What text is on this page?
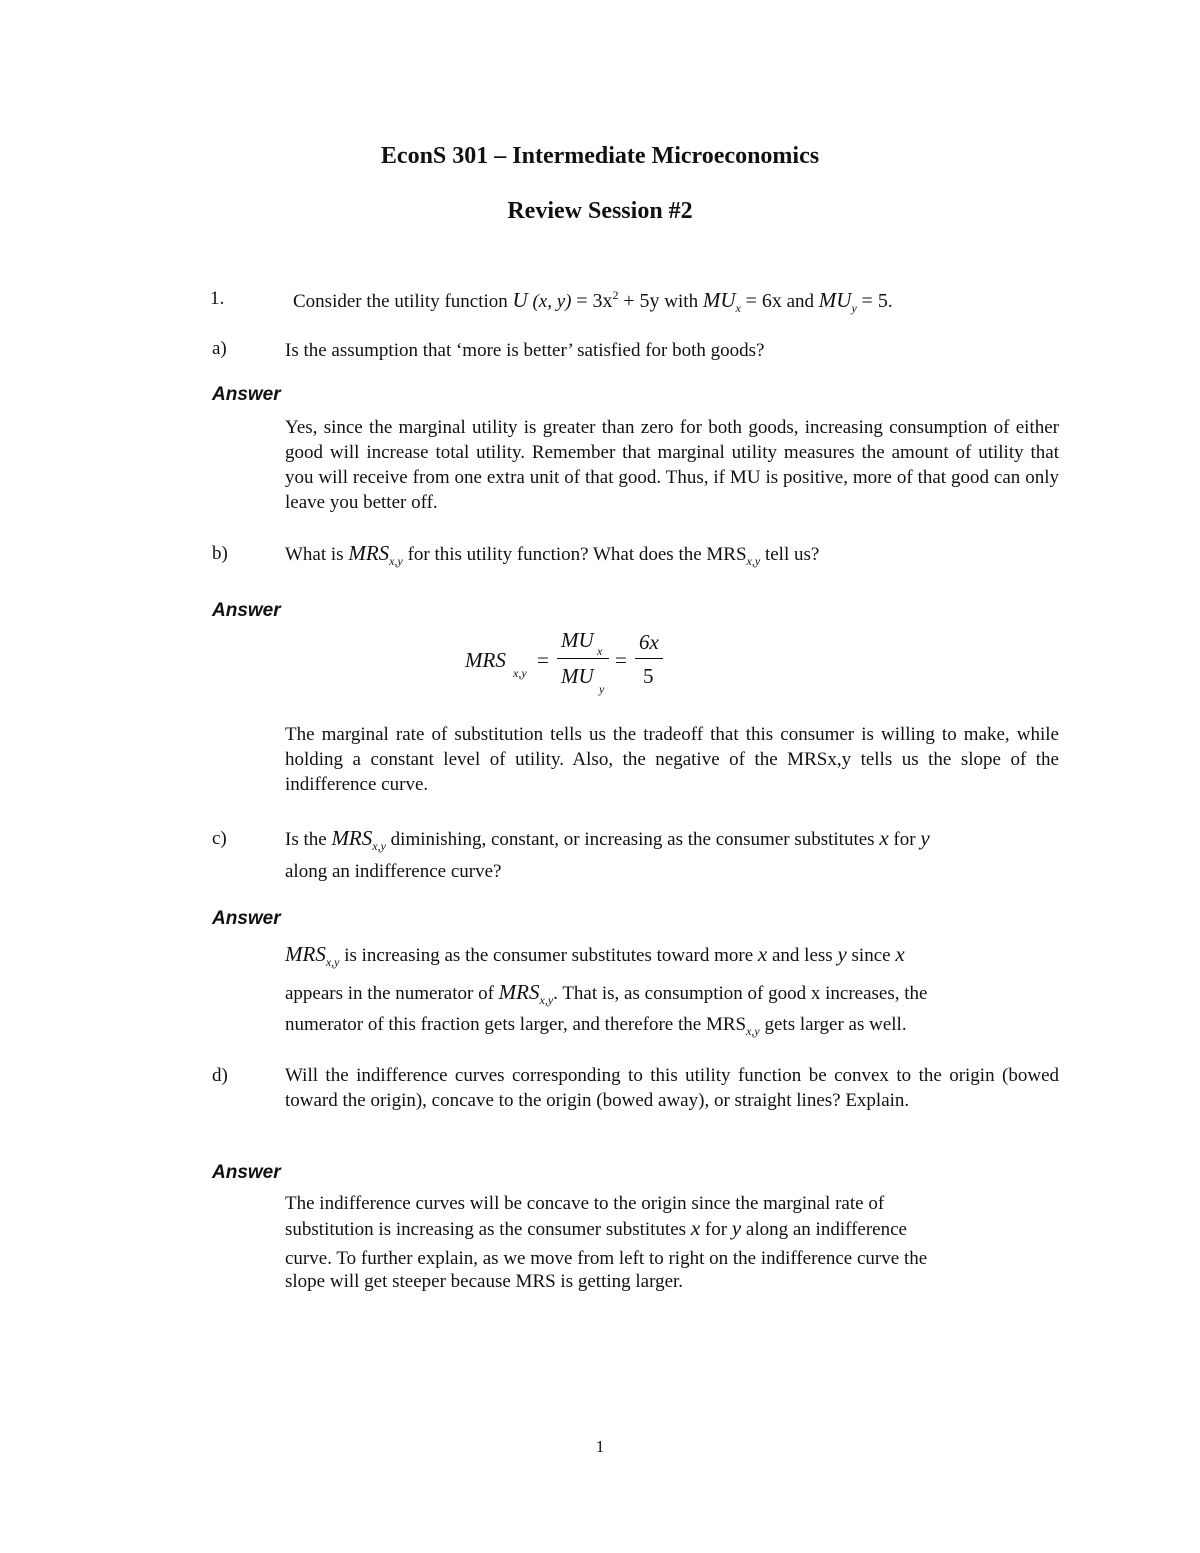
EconS 301 – Intermediate Microeconomics
Review Session #2
1.	Consider the utility function U (x, $y) = 3x^2 + 5y$ with $MU_x = 6x$ and $MU_y = 5$.
a)	Is the assumption that ‘more is better’ satisfied for both goods?
Answer
Yes, since the marginal utility is greater than zero for both goods, increasing consumption of either good will increase total utility. Remember that marginal utility measures the amount of utility that you will receive from one extra unit of that good. Thus, if MU is positive, more of that good can only leave you better off.
b)	What is $MRS_{x,y}$ for this utility function? What does the $MRS_{x,y}$ tell us?
Answer
MRS
x,y
=
MU x
MU
y
=
6x
5
The marginal rate of substitution tells us the tradeoff that this consumer is willing to make, while holding a constant level of utility. Also, the negative of the MRSx,y tells us the slope of the indifference curve.
c)	Is the $MRS_{x,y}$ diminishing, constant, or increasing as the consumer substitutes x for y
along an indifference curve?
Answer
$MRS_{x,y}$ is increasing as the consumer substitutes toward more x and less y since x
appears in the numerator of $MRS_{x,y}$. That is, as consumption of good x increases, the
numerator of this fraction gets larger, and therefore the $MRS_{x,y}$ gets larger as well.
d)	Will the indifference curves corresponding to this utility function be convex to the origin (bowed toward the origin), concave to the origin (bowed away), or straight lines? Explain.
Answer
The indifference curves will be concave to the origin since the marginal rate of
substitution is increasing as the consumer substitutes x for y along an indifference
curve. To further explain, as we move from left to right on the indifference curve the
slope will get steeper because MRS is getting larger.
1
